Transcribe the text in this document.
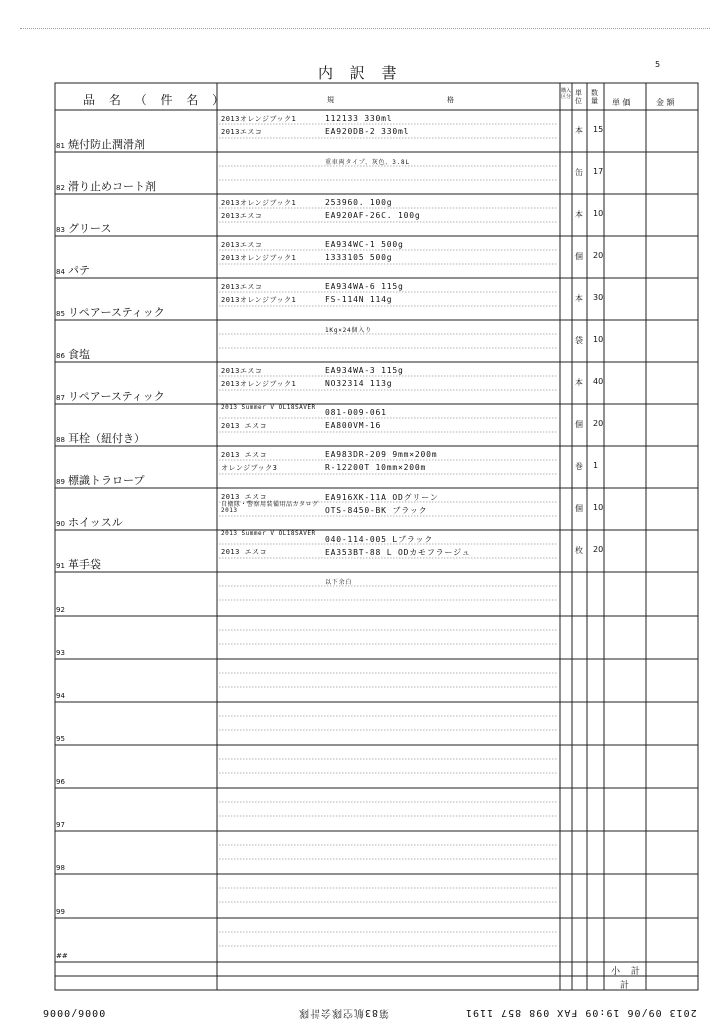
内 訳 書	5
品 名 （ 件 名 ）	規	格
購入区分 単位
数量 単 価	金 額
81 焼付防止潤滑剤
2013オレンジブック1	112133 330ml
2013エスコ	EA920DB-2 330ml	本 15
82 滑り止めコート剤
重車両タイプ、灰色、3.8L
缶 17
83 グリース
2013オレンジブック1	253960. 100g
2013エスコ	EA920AF-26C. 100g	本 10
84 パテ
2013エスコ	EA934WC-1 500g
2013オレンジブック1	1333105 500g	個 20
85 リペアースティック
2013エスコ	EA934WA-6 115g
2013オレンジブック1	FS-114N 114g	本 30
86 食塩
1Kg×24個入り
袋 10
87 リペアースティック
2013エスコ	EA934WA-3 115g
2013オレンジブック1	NO32314 113g	本 40
88 耳栓（紐付き）
2013 Summer V OL18SAVER
081-009-061
2013 エスコ	EA800VM-16	個 20
89 標識トラロープ
2013 エスコ	EA983DR-209 9mm×200m
オレンジブック3	R-12200T 10mm×200m	巻 1
90 ホイッスル
2013 エスコ	EA916XK-11A ODグリーン
自衛隊・警察用装備用品カタログ2013	OTS-8450-BK ブラック	個 10
91 革手袋
2013 Summer V OL18SAVER
040-114-005 Lブラック
2013 エスコ	EA353BT-88 L ODカモフラージュ	枚 20
92
以下余白
93
94
95
96
97
98
99
##
小 計
計
2013 09/06 19:09 FAX 098 857 1191
第83航空隊会計隊
0006/0006
